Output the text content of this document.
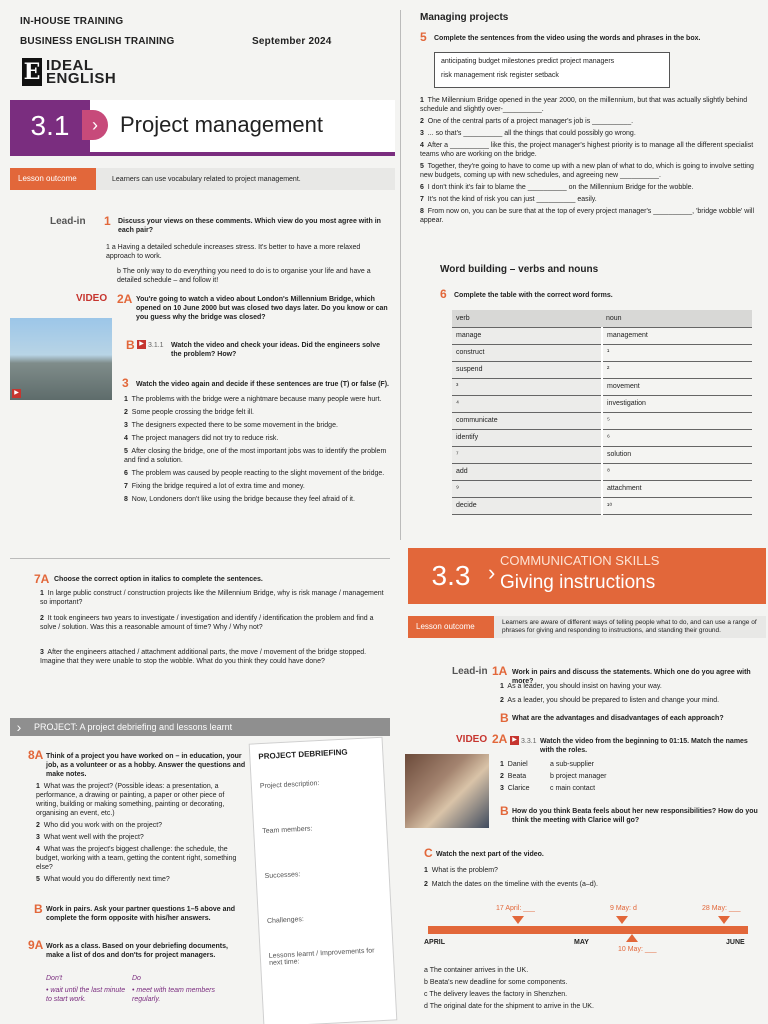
IN-HOUSE TRAINING
BUSINESS ENGLISH TRAINING	September 2024
E IDEAL
ENGLISH
3.1	›	Project management
Lesson outcome	Learners can use vocabulary related to project management.
Lead-in 1 Discuss your views on these comments. Which view do you most agree with in each pair?
1 a Having a detailed schedule increases stress. It's better to have a more relaxed approach to work.
b The only way to do everything you need to do is to organise your life and have a detailed schedule – and follow it!
VIDEO 2A You're going to watch a video about London's Millennium Bridge, which opened on 10 June 2000 but was closed two days later. Do you know or can you guess why the bridge was closed?
▶
B ▶ 3.1.1 Watch the video and check your ideas. Did the engineers solve the problem? How?
3 Watch the video again and decide if these sentences are true (T) or false (F).
1 The problems with the bridge were a nightmare because many people were hurt.
2 Some people crossing the bridge felt ill.
3 The designers expected there to be some movement in the bridge.
4 The project managers did not try to reduce risk.
5 After closing the bridge, one of the most important jobs was to identify the problem and find a solution.
6 The problem was caused by people reacting to the slight movement of the bridge.
7 Fixing the bridge required a lot of extra time and money.
8 Now, Londoners don't like using the bridge because they feel afraid of it.
Managing projects
5 Complete the sentences from the video using the words and phrases in the box.
anticipating budget milestones predict project managers
risk management risk register setback
1 The Millennium Bridge opened in the year 2000, on the millennium, but that was actually slightly behind schedule and slightly over-__________.
2 One of the central parts of a project manager's job is __________.
3 ... so that's __________ all the things that could possibly go wrong.
4 After a __________ like this, the project manager's highest priority is to manage all the different specialist teams who are working on the bridge.
5 Together, they're going to have to come up with a new plan of what to do, which is going to involve setting new budgets, coming up with new schedules, and agreeing new __________.
6 I don't think it's fair to blame the __________ on the Millennium Bridge for the wobble.
7 It's not the kind of risk you can just __________ easily.
8 From now on, you can be sure that at the top of every project manager's __________, 'bridge wobble' will appear.
Word building – verbs and nouns
6 Complete the table with the correct word forms.
verb	noun
manage	management
construct	¹
suspend	²
³	movement
⁴	investigation
communicate	⁵
identify	⁶
⁷	solution
add	⁸
⁹	attachment
decide	¹⁰
7A Choose the correct option in italics to complete the sentences.
1 In large public construct / construction projects like the Millennium Bridge, why is risk manage / management so important?
2 It took engineers two years to investigate / investigation and identify / identification the problem and find a solve / solution. Was this a reasonable amount of time? Why / Why not?
3 After the engineers attached / attachment additional parts, the move / movement of the bridge stopped. Imagine that they were unable to stop the wobble. What do you think they could have done?
PROJECT: A project debriefing and lessons learnt
›
8A Think of a project you have worked on – in education, your job, as a volunteer or as a hobby. Answer the questions and make notes.
1 What was the project? (Possible ideas: a presentation, a performance, a drawing or painting, a paper or other piece of writing, building or making something, painting or decorating, organising an event, etc.)
2 Who did you work with on the project?
3 What went well with the project?
4 What was the project's biggest challenge: the schedule, the budget, working with a team, getting the content right, something else?
5 What would you do differently next time?
B Work in pairs. Ask your partner questions 1–5 above and complete the form opposite with his/her answers.
9A Work as a class. Based on your debriefing documents, make a list of dos and don'ts for project managers.
Don't	Do
• wait until the last minute to start work.
• meet with team members regularly.
PROJECT DEBRIEFING
Project description:
Team members:
Successes:
Challenges:
Lessons learnt / Improvements for next time:
3.3 › COMMUNICATION SKILLS
Giving instructions
Lesson outcome	Learners are aware of different ways of telling people what to do, and can use a range of phrases for giving and responding to instructions, and standing their ground.
Lead-in 1A Work in pairs and discuss the statements. Which one do you agree with more?
1 As a leader, you should insist on having your way.
2 As a leader, you should be prepared to listen and change your mind.
B What are the advantages and disadvantages of each approach?
VIDEO 2A ▶ 3.3.1 Watch the video from the beginning to 01:15. Match the names with the roles.
1 Daniel
2 Beata
3 Clarice
a sub-supplier
b project manager
c main contact
B How do you think Beata feels about her new responsibilities? How do you think the meeting with Clarice will go?
C Watch the next part of the video.
1 What is the problem?
2 Match the dates on the timeline with the events (a–d).
17 April: ___	9 May: d	28 May: ___
APRIL	MAY	JUNE
10 May: ___
a The container arrives in the UK.
b Beata's new deadline for some components.
c The delivery leaves the factory in Shenzhen.
d The original date for the shipment to arrive in the UK.
